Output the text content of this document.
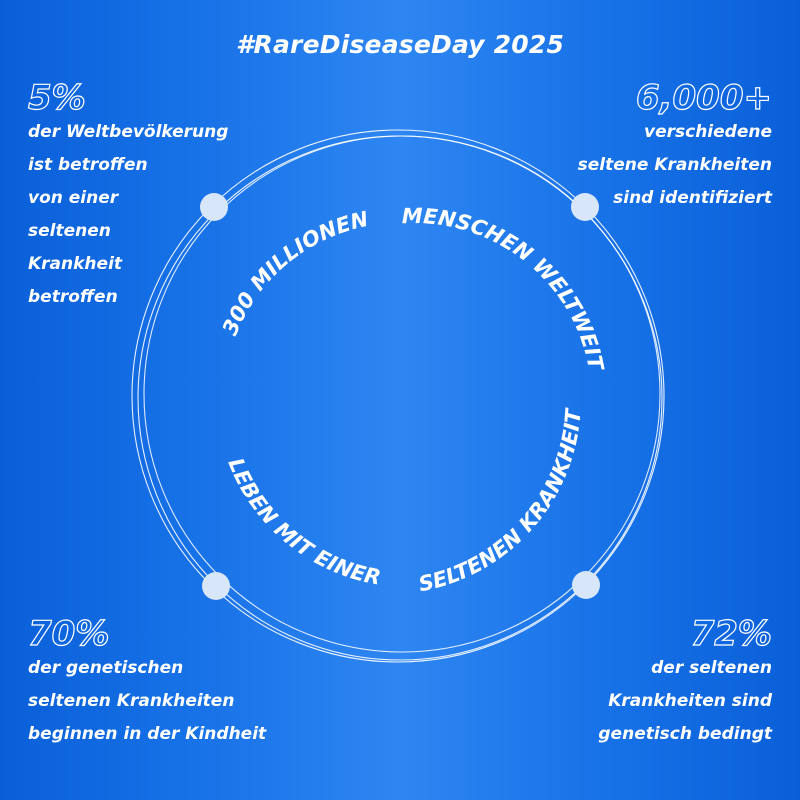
#RareDiseaseDay 2025
5%
der Weltbevölkerung
ist betroffen
von einer
seltenen
Krankheit
betroffen
6,000+
verschiedene
seltene Krankheiten
sind identifiziert
70%
der genetischen
seltenen Krankheiten
beginnen in der Kindheit
72%
der seltenen
Krankheiten sind
genetisch bedingt
300 MILLIONEN MENSCHEN WELTWEIT
SELTENEN KRANKHEIT
LEBEN MIT EINER
